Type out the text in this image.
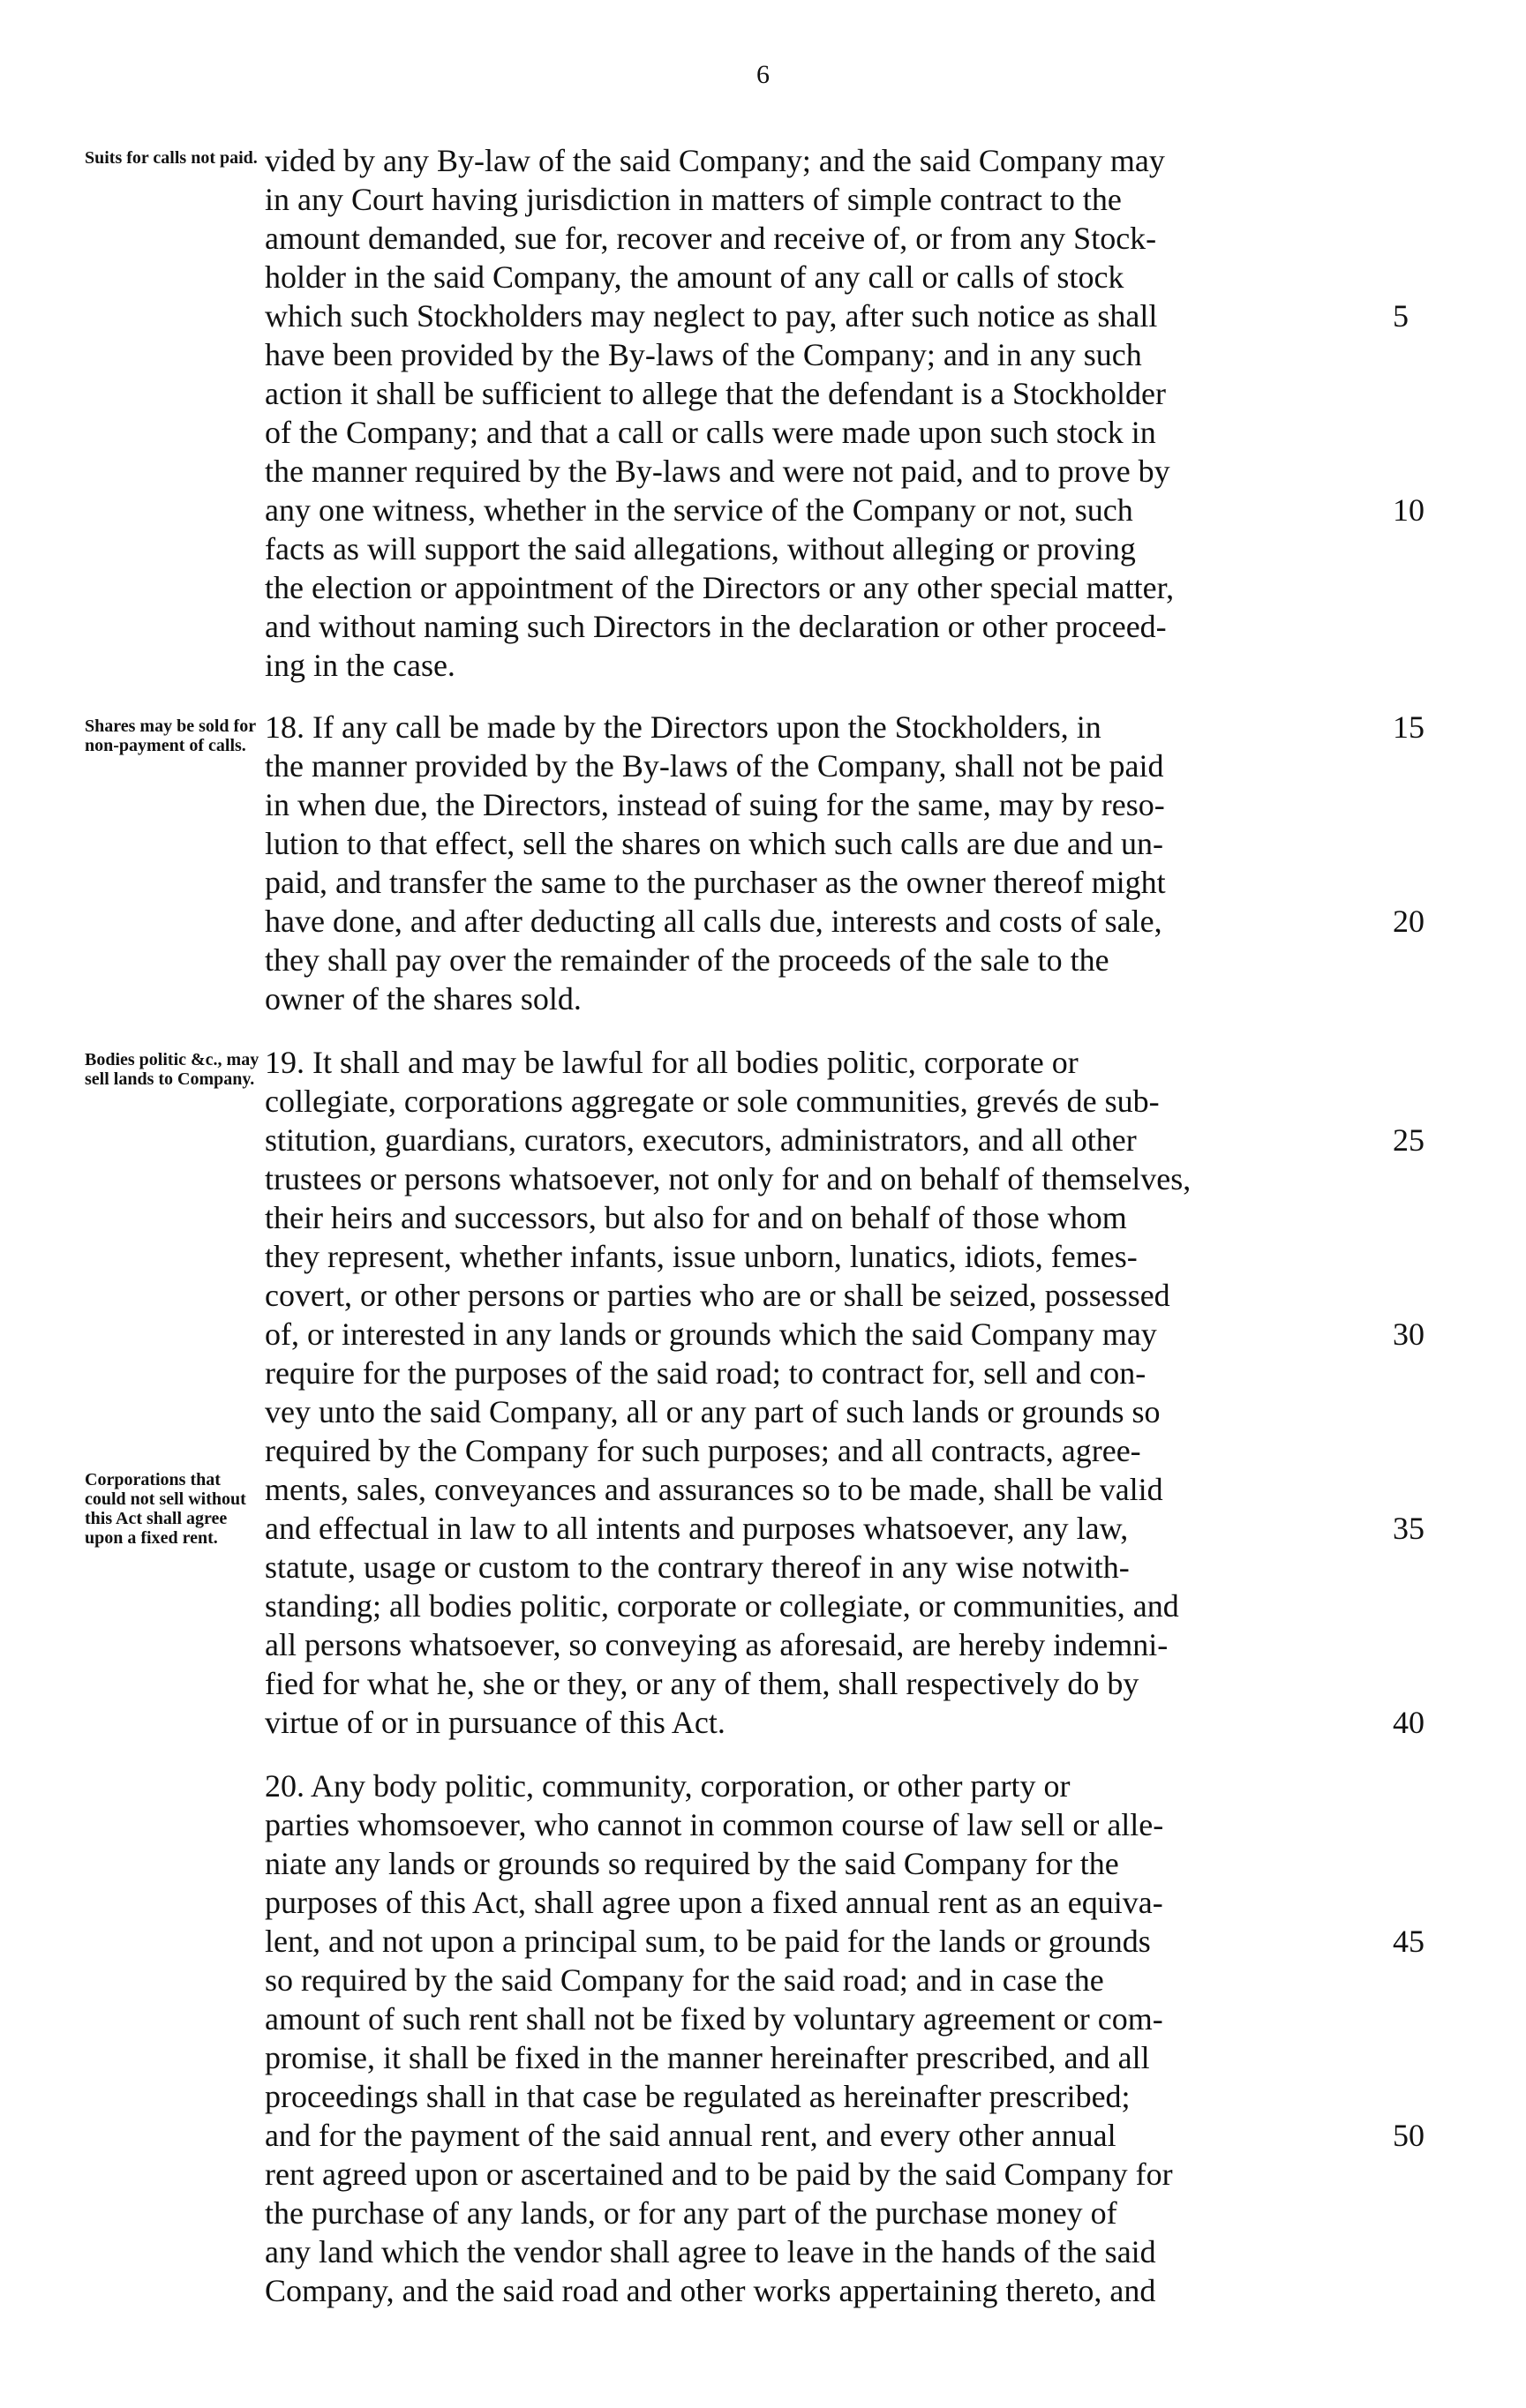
6
Suits for calls not paid.
Shares may be sold for non-payment of calls.
Bodies politic &c., may sell lands to Company.
Corporations that could not sell without this Act shall agree upon a fixed rent.
vided by any By-law of the said Company; and the said Company may
in any Court having jurisdiction in matters of simple contract to the
amount demanded, sue for, recover and receive of, or from any Stock-
holder in the said Company, the amount of any call or calls of stock
which such Stockholders may neglect to pay, after such notice as shall
have been provided by the By-laws of the Company; and in any such
action it shall be sufficient to allege that the defendant is a Stockholder
of the Company; and that a call or calls were made upon such stock in
the manner required by the By-laws and were not paid, and to prove by
any one witness, whether in the service of the Company or not, such
facts as will support the said allegations, without alleging or proving
the election or appointment of the Directors or any other special matter,
and without naming such Directors in the declaration or other proceed-
ing in the case.
18. If any call be made by the Directors upon the Stockholders, in
the manner provided by the By-laws of the Company, shall not be paid
in when due, the Directors, instead of suing for the same, may by reso-
lution to that effect, sell the shares on which such calls are due and un-
paid, and transfer the same to the purchaser as the owner thereof might
have done, and after deducting all calls due, interests and costs of sale,
they shall pay over the remainder of the proceeds of the sale to the
owner of the shares sold.
19. It shall and may be lawful for all bodies politic, corporate or
collegiate, corporations aggregate or sole communities, grevés de sub-
stitution, guardians, curators, executors, administrators, and all other
trustees or persons whatsoever, not only for and on behalf of themselves,
their heirs and successors, but also for and on behalf of those whom
they represent, whether infants, issue unborn, lunatics, idiots, femes-
covert, or other persons or parties who are or shall be seized, possessed
of, or interested in any lands or grounds which the said Company may
require for the purposes of the said road; to contract for, sell and con-
vey unto the said Company, all or any part of such lands or grounds so
required by the Company for such purposes; and all contracts, agree-
ments, sales, conveyances and assurances so to be made, shall be valid
and effectual in law to all intents and purposes whatsoever, any law,
statute, usage or custom to the contrary thereof in any wise notwith-
standing; all bodies politic, corporate or collegiate, or communities, and
all persons whatsoever, so conveying as aforesaid, are hereby indemni-
fied for what he, she or they, or any of them, shall respectively do by
virtue of or in pursuance of this Act.
20. Any body politic, community, corporation, or other party or
parties whomsoever, who cannot in common course of law sell or alle-
niate any lands or grounds so required by the said Company for the
purposes of this Act, shall agree upon a fixed annual rent as an equiva-
lent, and not upon a principal sum, to be paid for the lands or grounds
so required by the said Company for the said road; and in case the
amount of such rent shall not be fixed by voluntary agreement or com-
promise, it shall be fixed in the manner hereinafter prescribed, and all
proceedings shall in that case be regulated as hereinafter prescribed;
and for the payment of the said annual rent, and every other annual
rent agreed upon or ascertained and to be paid by the said Company for
the purchase of any lands, or for any part of the purchase money of
any land which the vendor shall agree to leave in the hands of the said
Company, and the said road and other works appertaining thereto, and
5
10
15
20
25
30
35
40
45
50
